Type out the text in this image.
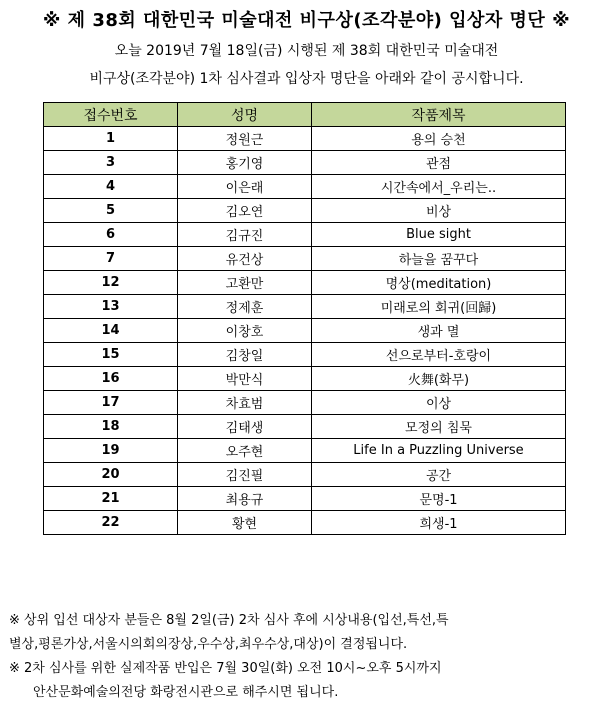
※ 제 38회 대한민국 미술대전 비구상(조각분야) 입상자 명단 ※
오늘 2019년 7월 18일(금) 시행된 제 38회 대한민국 미술대전
비구상(조각분야) 1차 심사결과 입상자 명단을 아래와 같이 공시합니다.
접수번호	성명	작품제목
1	정원근	용의 승천
3	홍기영	관점
4	이은래	시간속에서_우리는..
5	김오연	비상
6	김규진	Blue sight
7	유건상	하늘을 꿈꾸다
12	고환만	명상(meditation)
13	정제훈	미래로의 회귀(回歸)
14	이창호	생과 멸
15	김창일	선으로부터-호랑이
16	박만식	火舞(화무)
17	차효범	이상
18	김태생	모정의 침묵
19	오주현	Life In a Puzzling Universe
20	김진필	공간
21	최용규	문명-1
22	황현	희생-1

※ 상위 입선 대상자 분들은 8월 2일(금) 2차 심사 후에 시상내용(입선,특선,특

별상,평론가상,서울시의회의장상,우수상,최우수상,대상)이 결정됩니다.

※ 2차 심사를 위한 실제작품 반입은 7월 30일(화) 오전 10시~오후 5시까지

안산문화예술의전당 화랑전시관으로 해주시면 됩니다.
